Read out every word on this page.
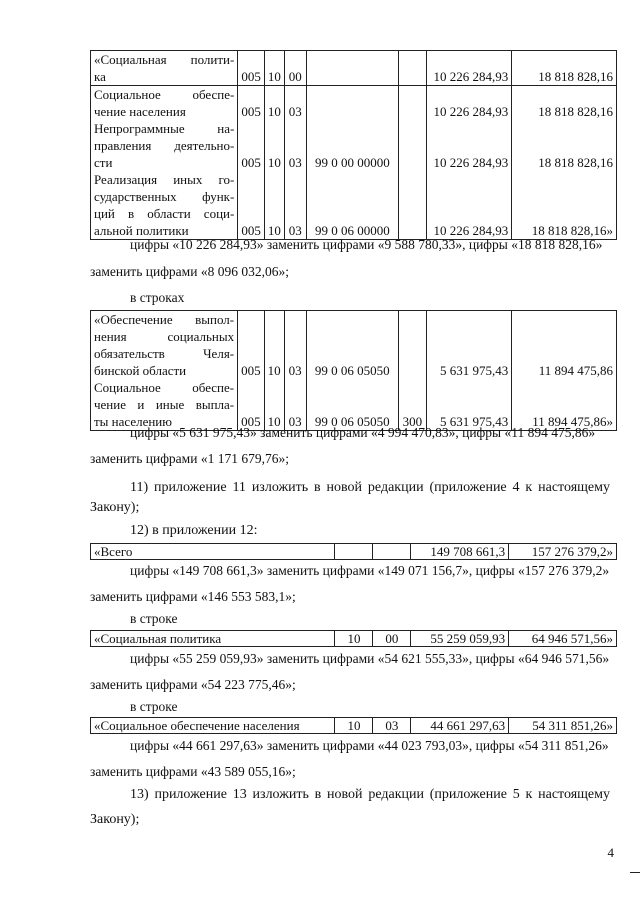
«Социальная полити-
ка	005	10	00			10 226 284,93	18 818 828,16

Социальное обеспе-
чение населения	005	10	03			10 226 284,93	18 818 828,16

Непрограммные на-
правления деятельно-
сти	005	10	03	99 0 00 00000		10 226 284,93	18 818 828,16

Реализация иных го-
сударственных функ-
ций в области соци-
альной политики	005	10	03	99 0 06 00000		10 226 284,93	18 818 828,16»

цифры «10 226 284,93» заменить цифрами «9 588 780,33», цифры «18 818 828,16»

заменить цифрами «8 096 032,06»;

в строках

«Обеспечение выпол-
нения социальных
обязательств Челя-
бинской области	005	10	03	99 0 06 05050		5 631 975,43	11 894 475,86

Социальное обеспе-
чение и иные выпла-
ты населению	005	10	03	99 0 06 05050	300	5 631 975,43	11 894 475,86»

цифры «5 631 975,43» заменить цифрами «4 994 470,83», цифры «11 894 475,86»

заменить цифрами «1 171 679,76»;

11) приложение 11 изложить в новой редакции (приложение 4 к настоящему

Закону);

12) в приложении 12:

«Всего			149 708 661,3	157 276 379,2»

цифры «149 708 661,3» заменить цифрами «149 071 156,7», цифры «157 276 379,2»

заменить цифрами «146 553 583,1»;

в строке

«Социальная политика	10	00	55 259 059,93	64 946 571,56»

цифры «55 259 059,93» заменить цифрами «54 621 555,33», цифры «64 946 571,56»

заменить цифрами «54 223 775,46»;

в строке

«Социальное обеспечение населения	10	03	44 661 297,63	54 311 851,26»

цифры «44 661 297,63» заменить цифрами «44 023 793,03», цифры «54 311 851,26»

заменить цифрами «43 589 055,16»;

13) приложение 13 изложить в новой редакции (приложение 5 к настоящему

Закону);

4
